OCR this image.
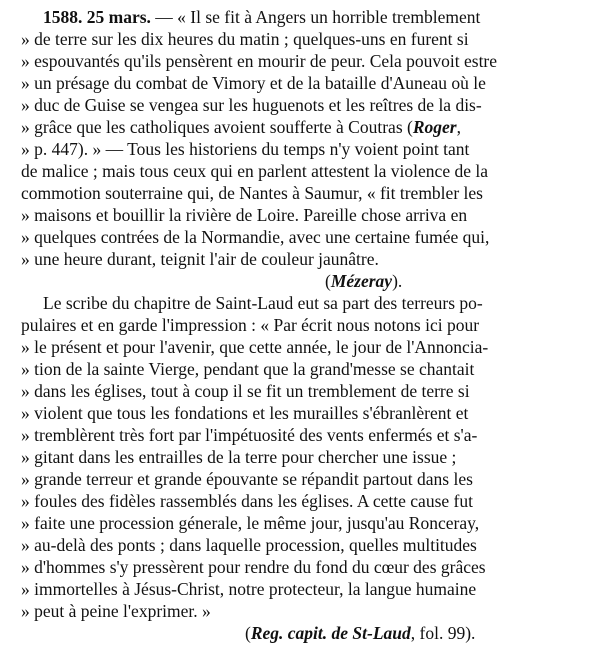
1588. 25 mars. — « Il se fit à Angers un horrible tremblement
» de terre sur les dix heures du matin ; quelques-uns en furent si
» espouvantés qu'ils pensèrent en mourir de peur. Cela pouvoit estre
» un présage du combat de Vimory et de la bataille d'Auneau où le
» duc de Guise se vengea sur les huguenots et les reîtres de la dis-
» grâce que les catholiques avoient soufferte à Coutras (Roger,
» p. 447). » — Tous les historiens du temps n'y voient point tant
de malice ; mais tous ceux qui en parlent attestent la violence de la
commotion souterraine qui, de Nantes à Saumur, « fit trembler les
» maisons et bouillir la rivière de Loire. Pareille chose arriva en
» quelques contrées de la Normandie, avec une certaine fumée qui,
» une heure durant, teignit l'air de couleur jaunâtre.
(Mézeray).
Le scribe du chapitre de Saint-Laud eut sa part des terreurs po-
pulaires et en garde l'impression : « Par écrit nous notons ici pour
» le présent et pour l'avenir, que cette année, le jour de l'Annoncia-
» tion de la sainte Vierge, pendant que la grand'messe se chantait
» dans les églises, tout à coup il se fit un tremblement de terre si
» violent que tous les fondations et les murailles s'ébranlèrent et
» tremblèrent très fort par l'impétuosité des vents enfermés et s'a-
» gitant dans les entrailles de la terre pour chercher une issue ;
» grande terreur et grande épouvante se répandit partout dans les
» foules des fidèles rassemblés dans les églises. A cette cause fut
» faite une procession génerale, le même jour, jusqu'au Ronceray,
» au-delà des ponts ; dans laquelle procession, quelles multitudes
» d'hommes s'y pressèrent pour rendre du fond du cœur des grâces
» immortelles à Jésus-Christ, notre protecteur, la langue humaine
» peut à peine l'exprimer. »
(Reg. capit. de St-Laud, fol. 99).
